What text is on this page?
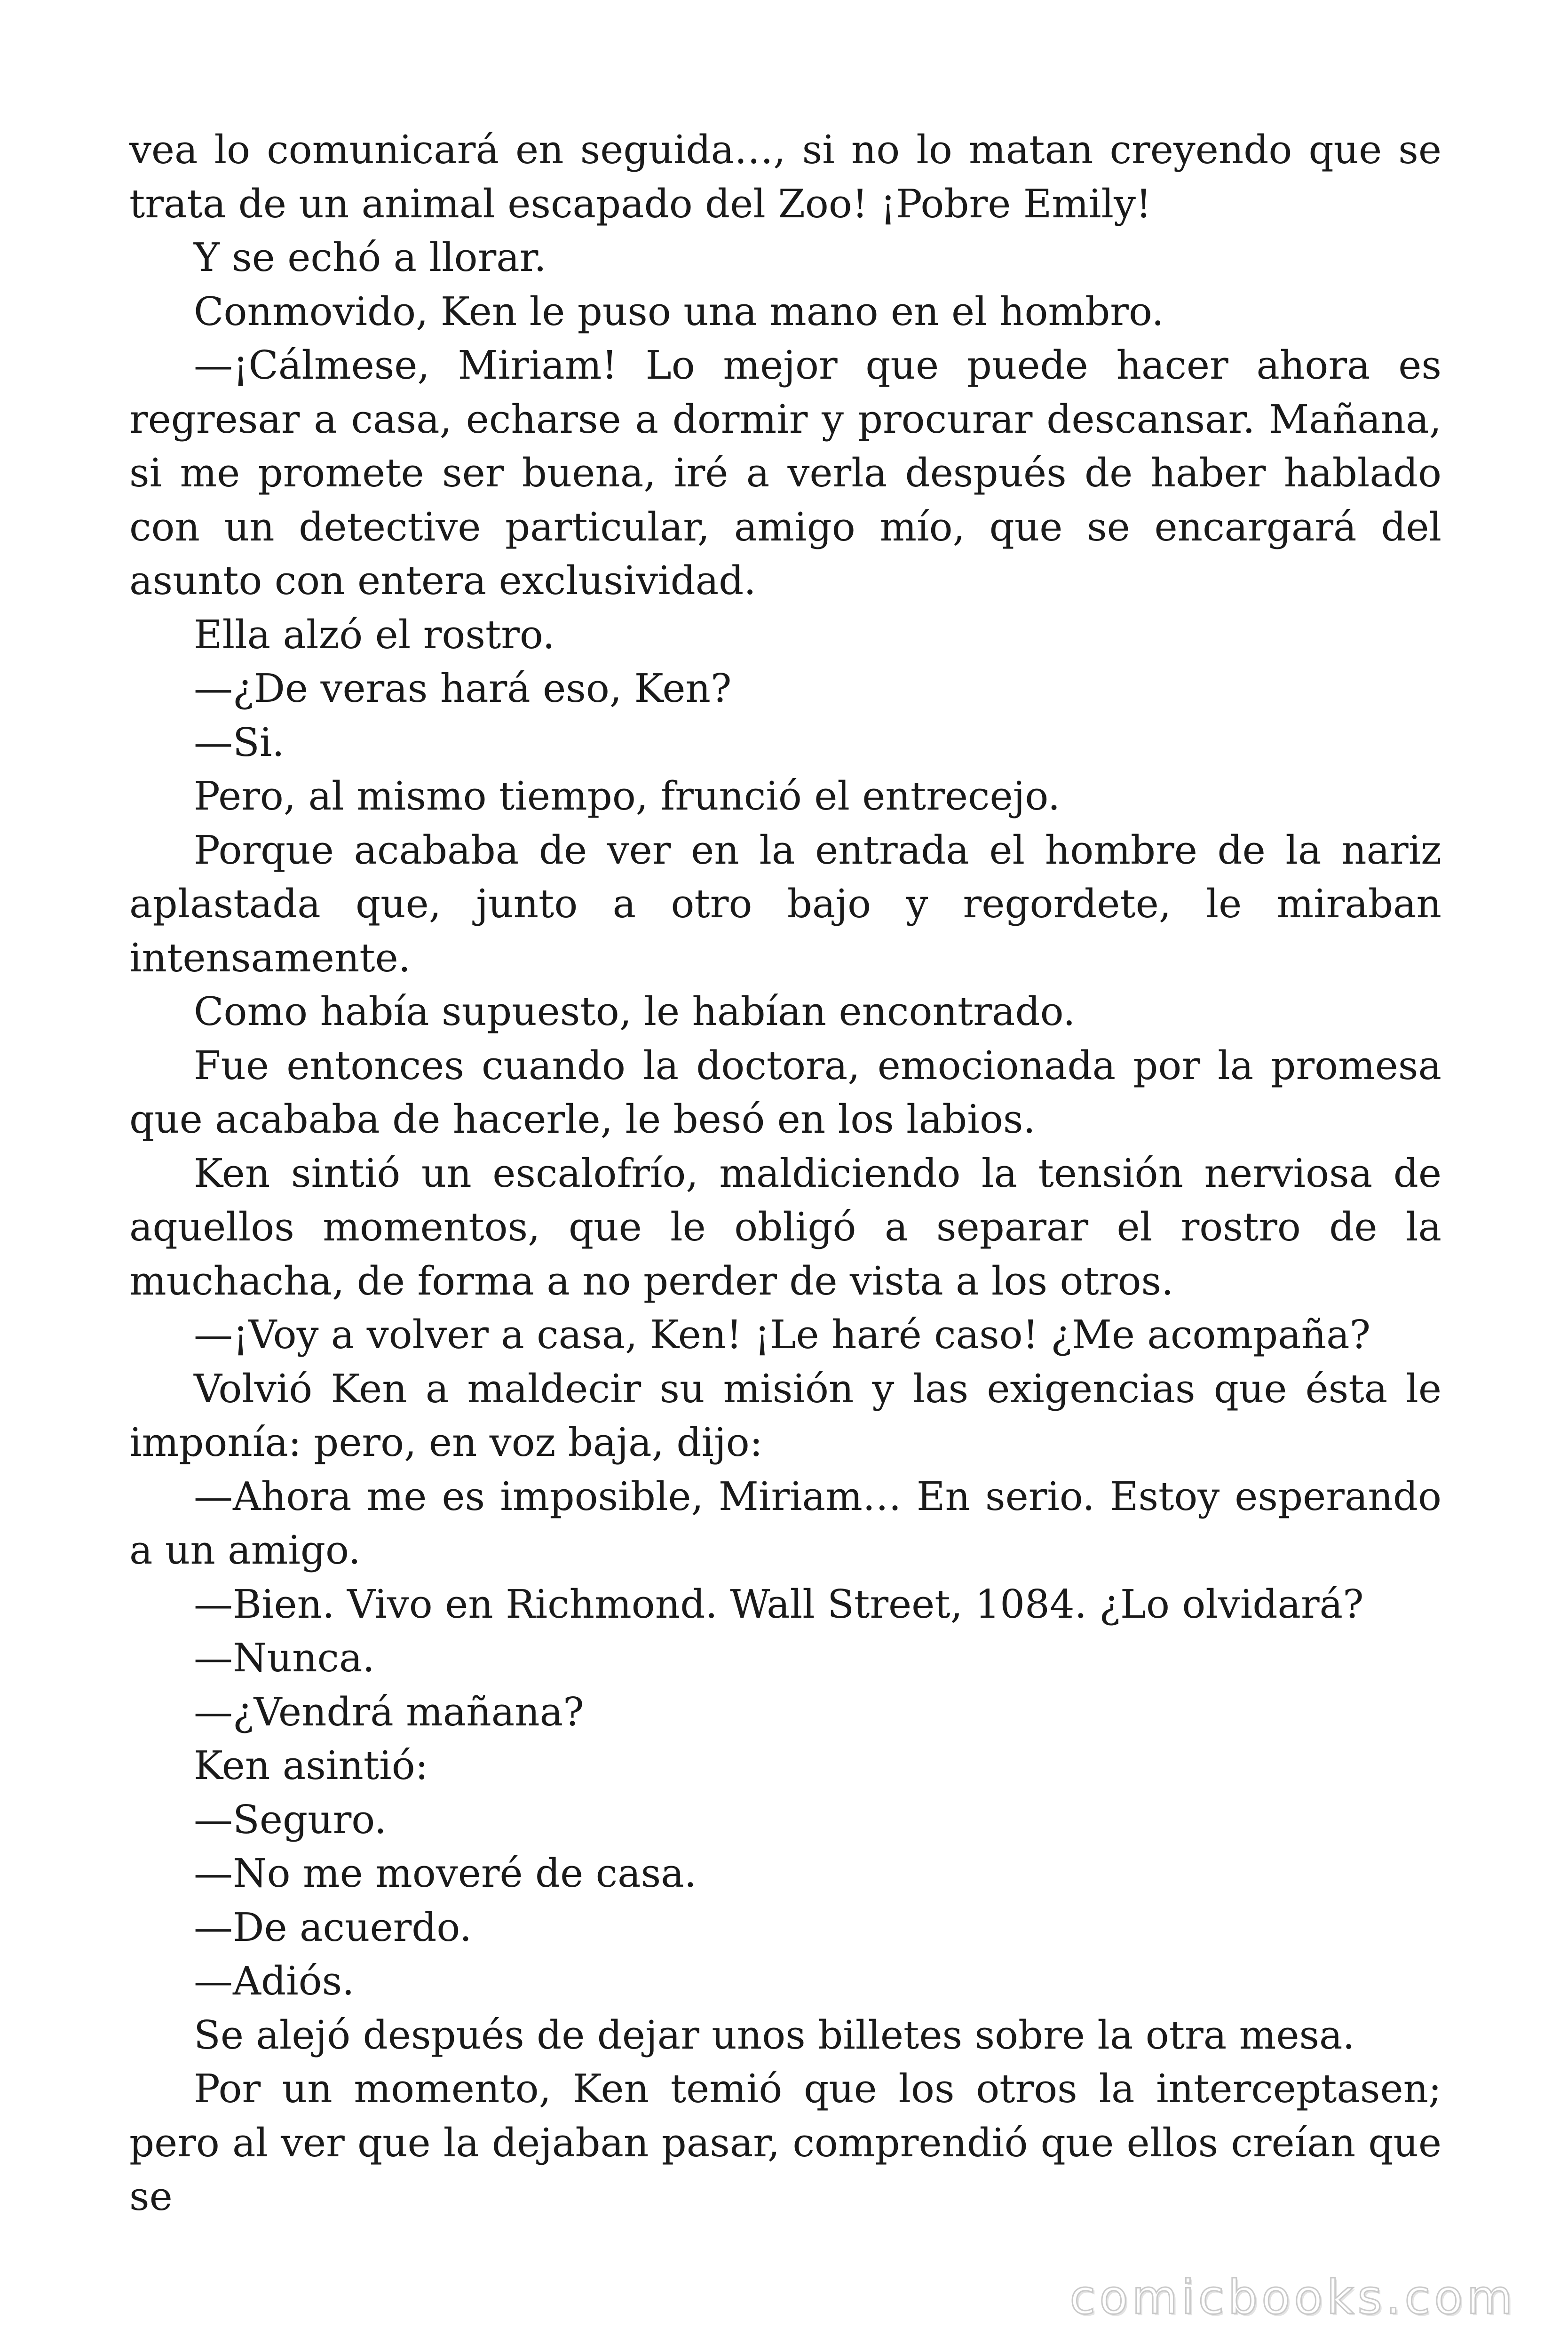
vea lo comunicará en seguida…, si no lo matan creyendo que se trata de un animal escapado del Zoo! ¡Pobre Emily!

Y se echó a llorar.

Conmovido, Ken le puso una mano en el hombro.

—¡Cálmese, Miriam! Lo mejor que puede hacer ahora es regresar a casa, echarse a dormir y procurar descansar. Mañana, si me promete ser buena, iré a verla después de haber hablado con un detective particular, amigo mío, que se encargará del asunto con entera exclusividad.

Ella alzó el rostro.

—¿De veras hará eso, Ken?

—Si.

Pero, al mismo tiempo, frunció el entrecejo.

Porque acababa de ver en la entrada el hombre de la nariz aplastada que, junto a otro bajo y regordete, le miraban intensamente.

Como había supuesto, le habían encontrado.

Fue entonces cuando la doctora, emocionada por la promesa que acababa de hacerle, le besó en los labios.

Ken sintió un escalofrío, maldiciendo la tensión nerviosa de aquellos momentos, que le obligó a separar el rostro de la muchacha, de forma a no perder de vista a los otros.

—¡Voy a volver a casa, Ken! ¡Le haré caso! ¿Me acompaña?

Volvió Ken a maldecir su misión y las exigencias que ésta le imponía: pero, en voz baja, dijo:

—Ahora me es imposible, Miriam… En serio. Estoy esperando a un amigo.

—Bien. Vivo en Richmond. Wall Street, 1084. ¿Lo olvidará?

—Nunca.

—¿Vendrá mañana?

Ken asintió:

—Seguro.

—No me moveré de casa.

—De acuerdo.

—Adiós.

Se alejó después de dejar unos billetes sobre la otra mesa.

Por un momento, Ken temió que los otros la interceptasen; pero al ver que la dejaban pasar, comprendió que ellos creían que se

comicbooks.com
